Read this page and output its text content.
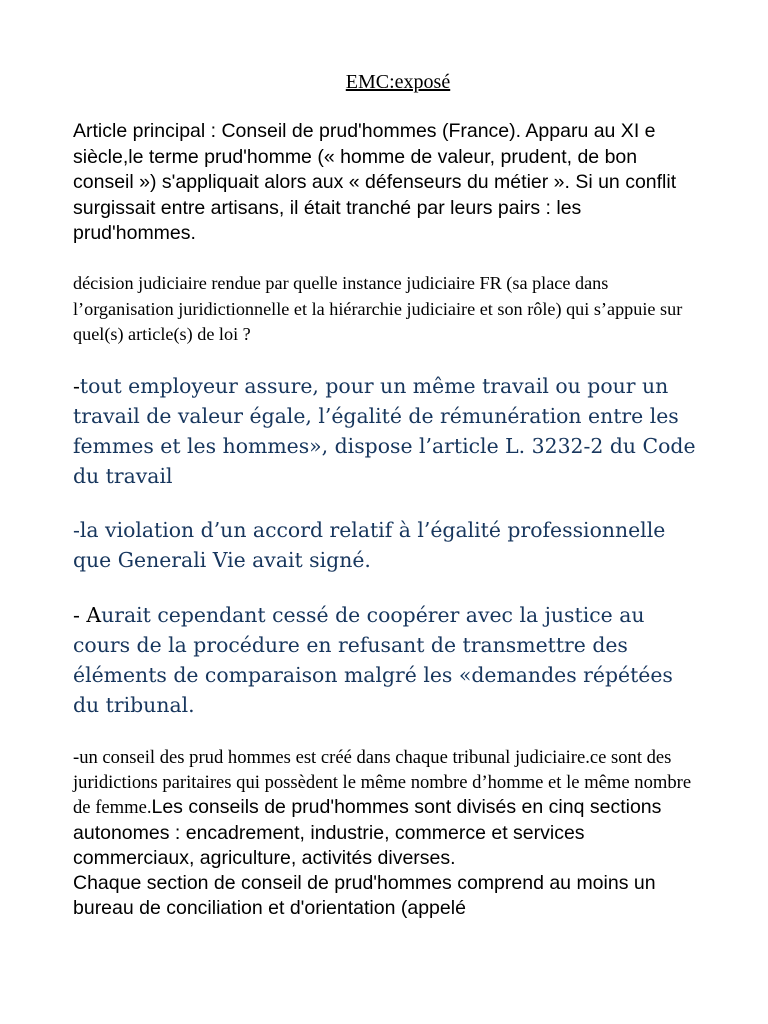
EMC:exposé

Article principal : Conseil de prud'hommes (France). Apparu au XI e siècle,le terme prud'homme (« homme de valeur, prudent, de bon conseil ») s'appliquait alors aux « défenseurs du métier ». Si un conflit surgissait entre artisans, il était tranché par leurs pairs : les prud'hommes.

décision judiciaire rendue par quelle instance judiciaire FR (sa place dans l’organisation juridictionnelle et la hiérarchie judiciaire et son rôle) qui s’appuie sur quel(s) article(s) de loi ?

-tout employeur assure, pour un même travail ou pour un travail de valeur égale, l’égalité de rémunération entre les femmes et les hommes», dispose l’article L. 3232-2 du Code du travail

-la violation d’un accord relatif à l’égalité professionnelle que Generali Vie avait signé.

- Aurait cependant cessé de coopérer avec la justice au cours de la procédure en refusant de transmettre des éléments de comparaison malgré les «demandes répétées du tribunal.

-un conseil des prud hommes est créé dans chaque tribunal judiciaire.ce sont des juridictions paritaires qui possèdent le même nombre d’homme et le même nombre de femme.Les conseils de prud'hommes sont divisés en cinq sections autonomes : encadrement, industrie, commerce et services commerciaux, agriculture, activités diverses.
Chaque section de conseil de prud'hommes comprend au moins un bureau de conciliation et d'orientation (appelé
